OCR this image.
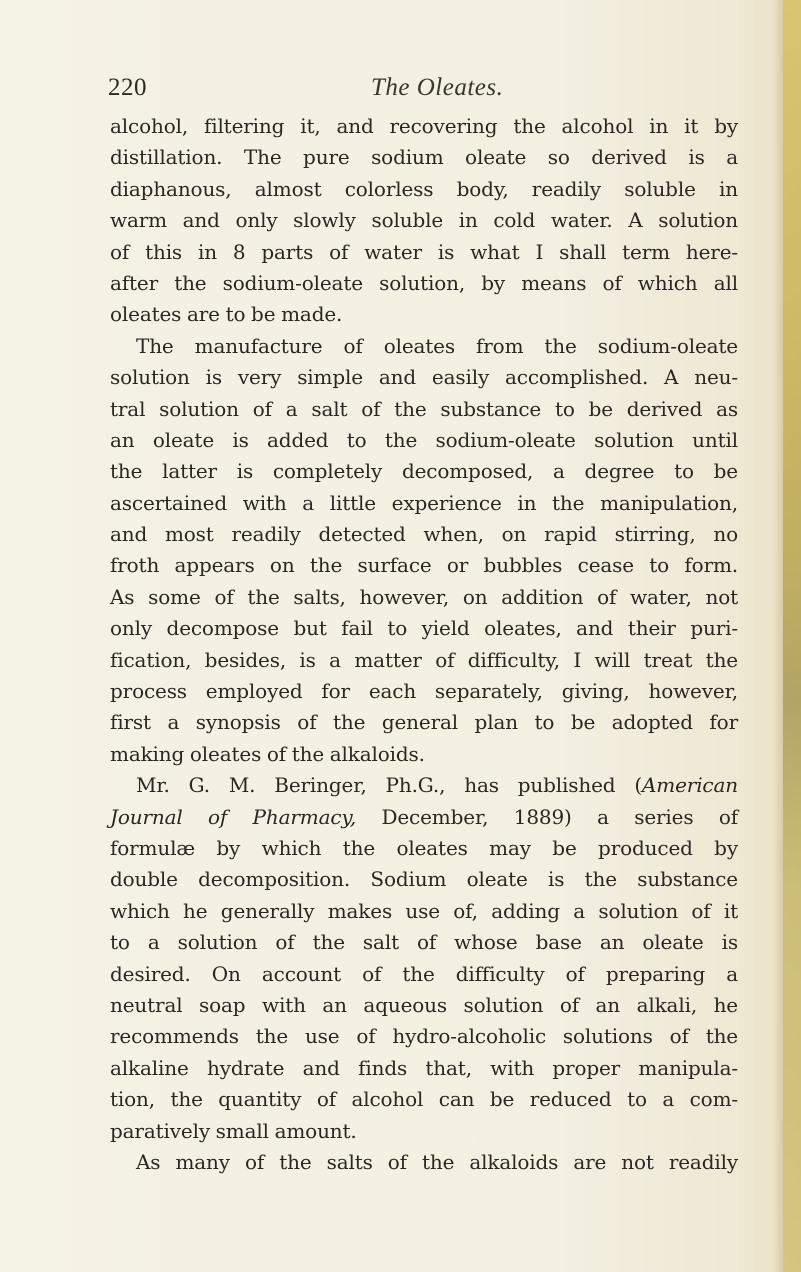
220	The Oleates.
alcohol, filtering it, and recovering the alcohol in it by
distillation. The pure sodium oleate so derived is a
diaphanous, almost colorless body, readily soluble in
warm and only slowly soluble in cold water. A solution
of this in 8 parts of water is what I shall term here-
after the sodium-oleate solution, by means of which all
oleates are to be made.
The manufacture of oleates from the sodium-oleate
solution is very simple and easily accomplished. A neu-
tral solution of a salt of the substance to be derived as
an oleate is added to the sodium-oleate solution until
the latter is completely decomposed, a degree to be
ascertained with a little experience in the manipulation,
and most readily detected when, on rapid stirring, no
froth appears on the surface or bubbles cease to form.
As some of the salts, however, on addition of water, not
only decompose but fail to yield oleates, and their puri-
fication, besides, is a matter of difficulty, I will treat the
process employed for each separately, giving, however,
first a synopsis of the general plan to be adopted for
making oleates of the alkaloids.
Mr. G. M. Beringer, Ph.G., has published (American
Journal of Pharmacy, December, 1889) a series of
formulæ by which the oleates may be produced by
double decomposition. Sodium oleate is the substance
which he generally makes use of, adding a solution of it
to a solution of the salt of whose base an oleate is
desired. On account of the difficulty of preparing a
neutral soap with an aqueous solution of an alkali, he
recommends the use of hydro-alcoholic solutions of the
alkaline hydrate and finds that, with proper manipula-
tion, the quantity of alcohol can be reduced to a com-
paratively small amount.
As many of the salts of the alkaloids are not readily
